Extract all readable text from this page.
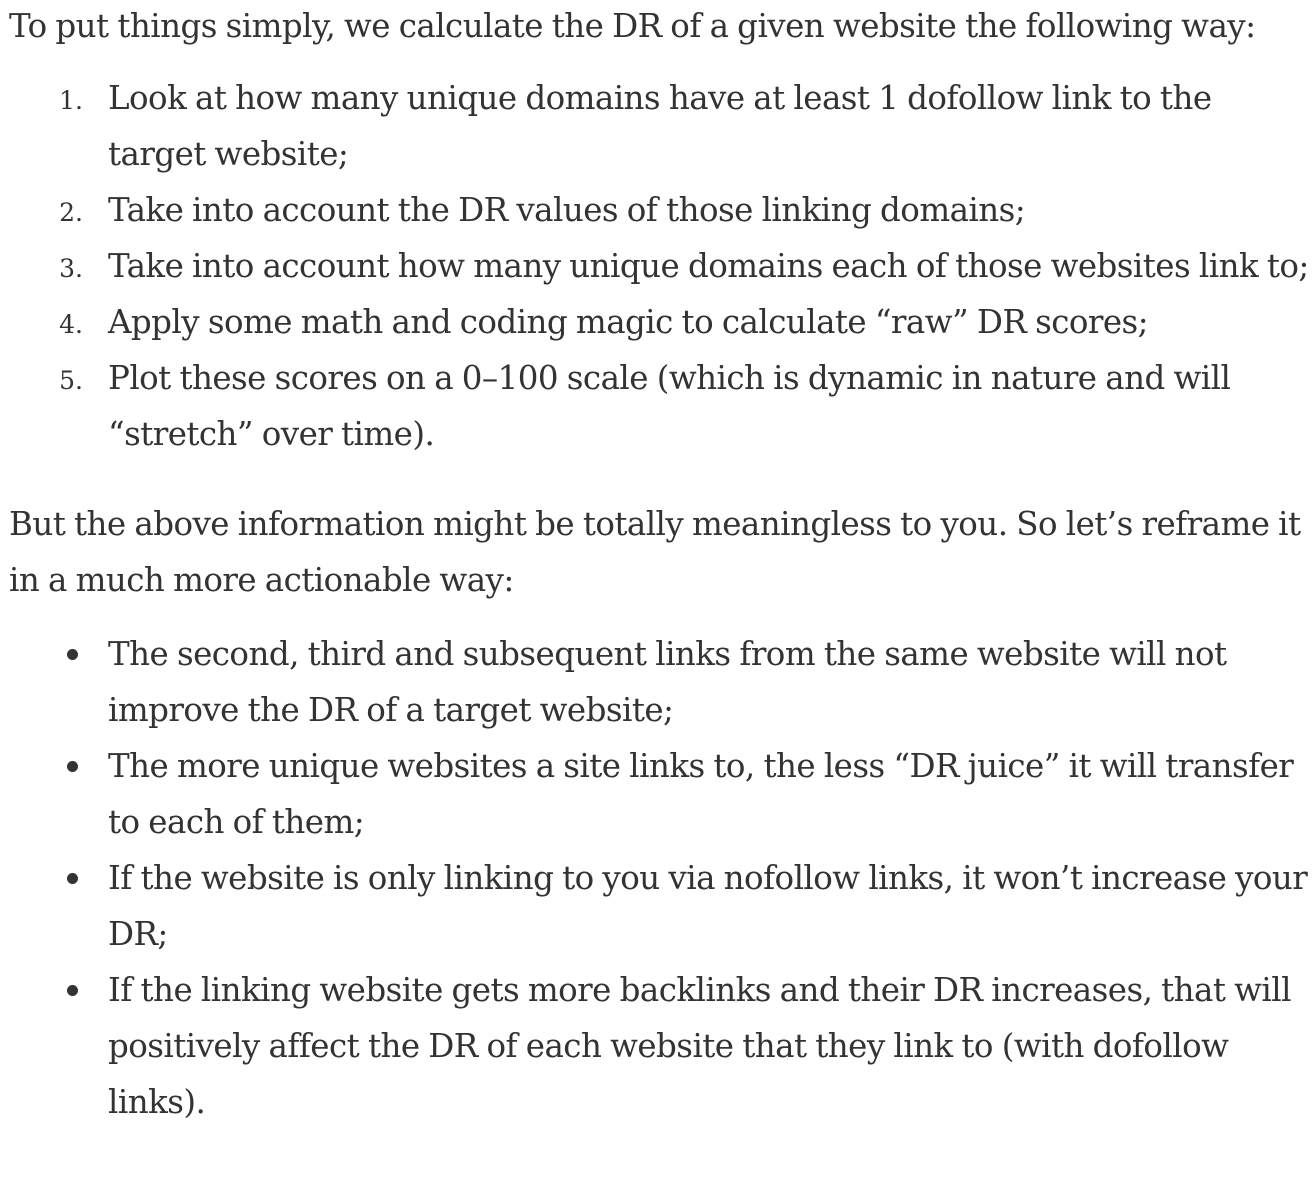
To put things simply, we calculate the DR of a given website the following way:

1. Look at how many unique domains have at least 1 dofollow link to the target website;
2. Take into account the DR values of those linking domains;
3. Take into account how many unique domains each of those websites link to;
4. Apply some math and coding magic to calculate “raw” DR scores;
5. Plot these scores on a 0–100 scale (which is dynamic in nature and will “stretch” over time).

But the above information might be totally meaningless to you. So let’s reframe it in a much more actionable way:

The second, third and subsequent links from the same website will not improve the DR of a target website;
The more unique websites a site links to, the less “DR juice” it will transfer to each of them;
If the website is only linking to you via nofollow links, it won’t increase your DR;
If the linking website gets more backlinks and their DR increases, that will positively affect the DR of each website that they link to (with dofollow links).
